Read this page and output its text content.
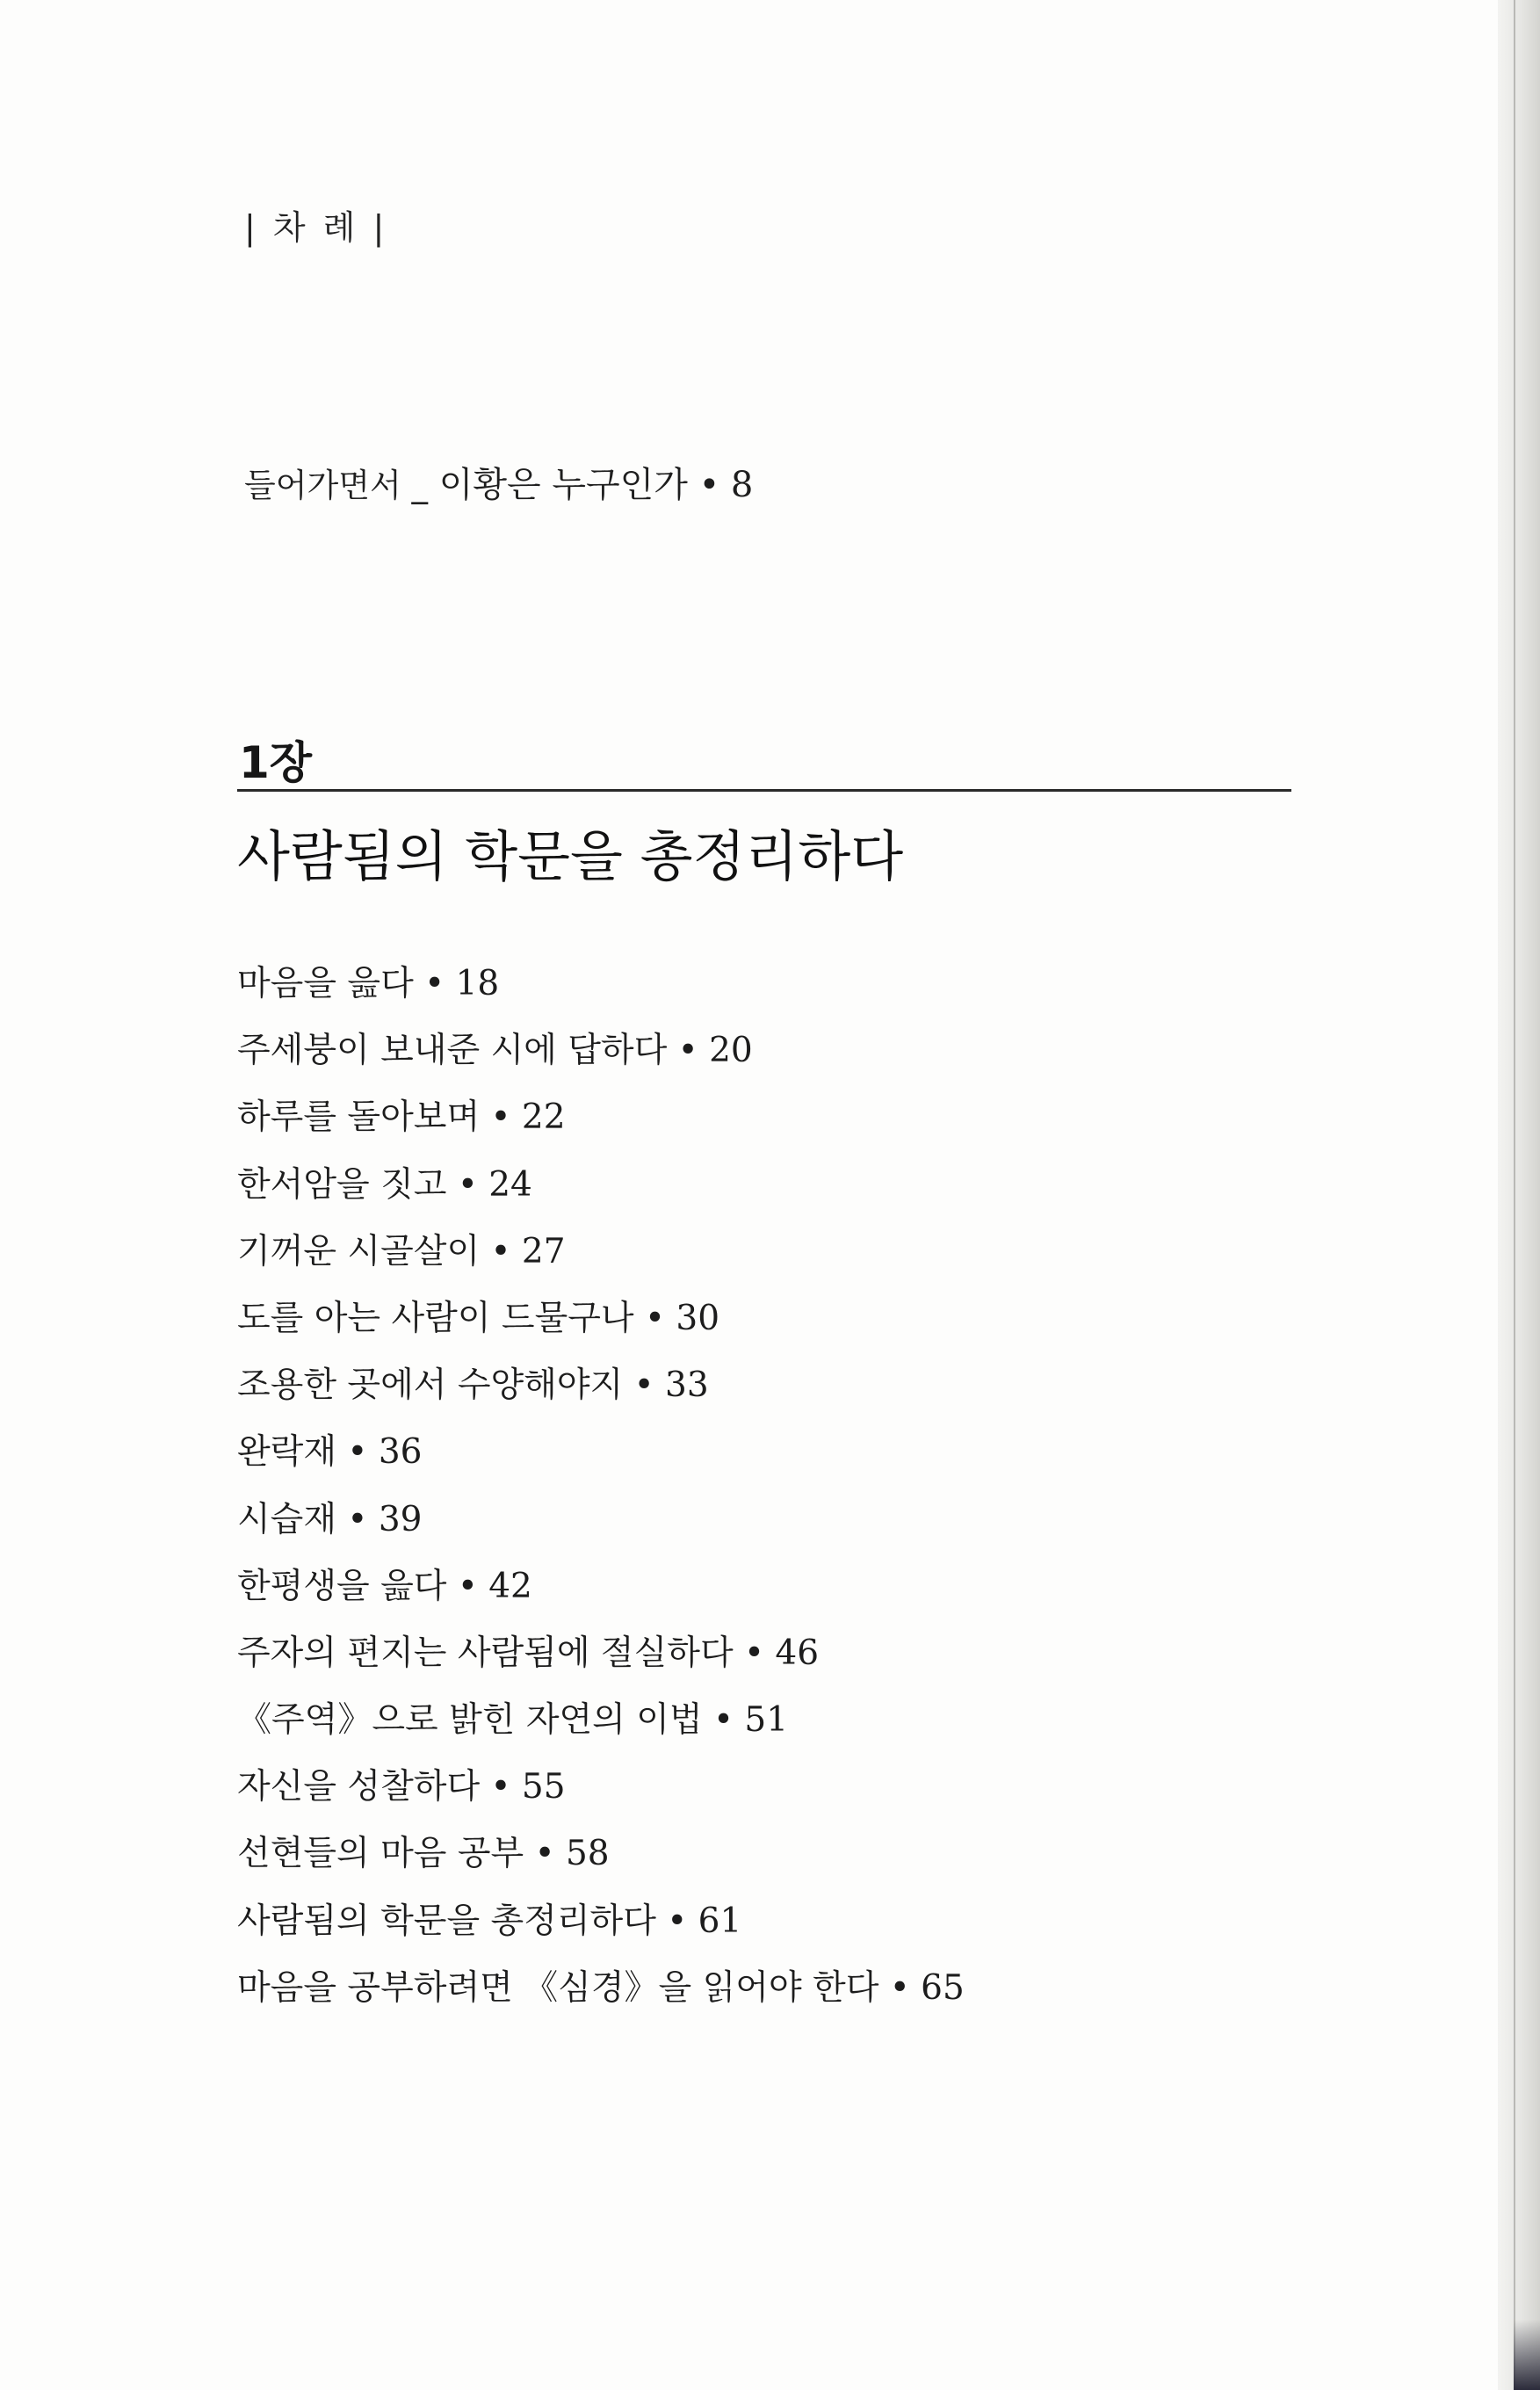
| 차 례 |
들어가면서 _ 이황은 누구인가 • 8
1장
사람됨의 학문을 총정리하다
마음을 읊다 • 18
주세붕이 보내준 시에 답하다 • 20
하루를 돌아보며 • 22
한서암을 짓고 • 24
기꺼운 시골살이 • 27
도를 아는 사람이 드물구나 • 30
조용한 곳에서 수양해야지 • 33
완락재 • 36
시습재 • 39
한평생을 읊다 • 42
주자의 편지는 사람됨에 절실하다 • 46
《주역》으로 밝힌 자연의 이법 • 51
자신을 성찰하다 • 55
선현들의 마음 공부 • 58
사람됨의 학문을 총정리하다 • 61
마음을 공부하려면 《심경》을 읽어야 한다 • 65
